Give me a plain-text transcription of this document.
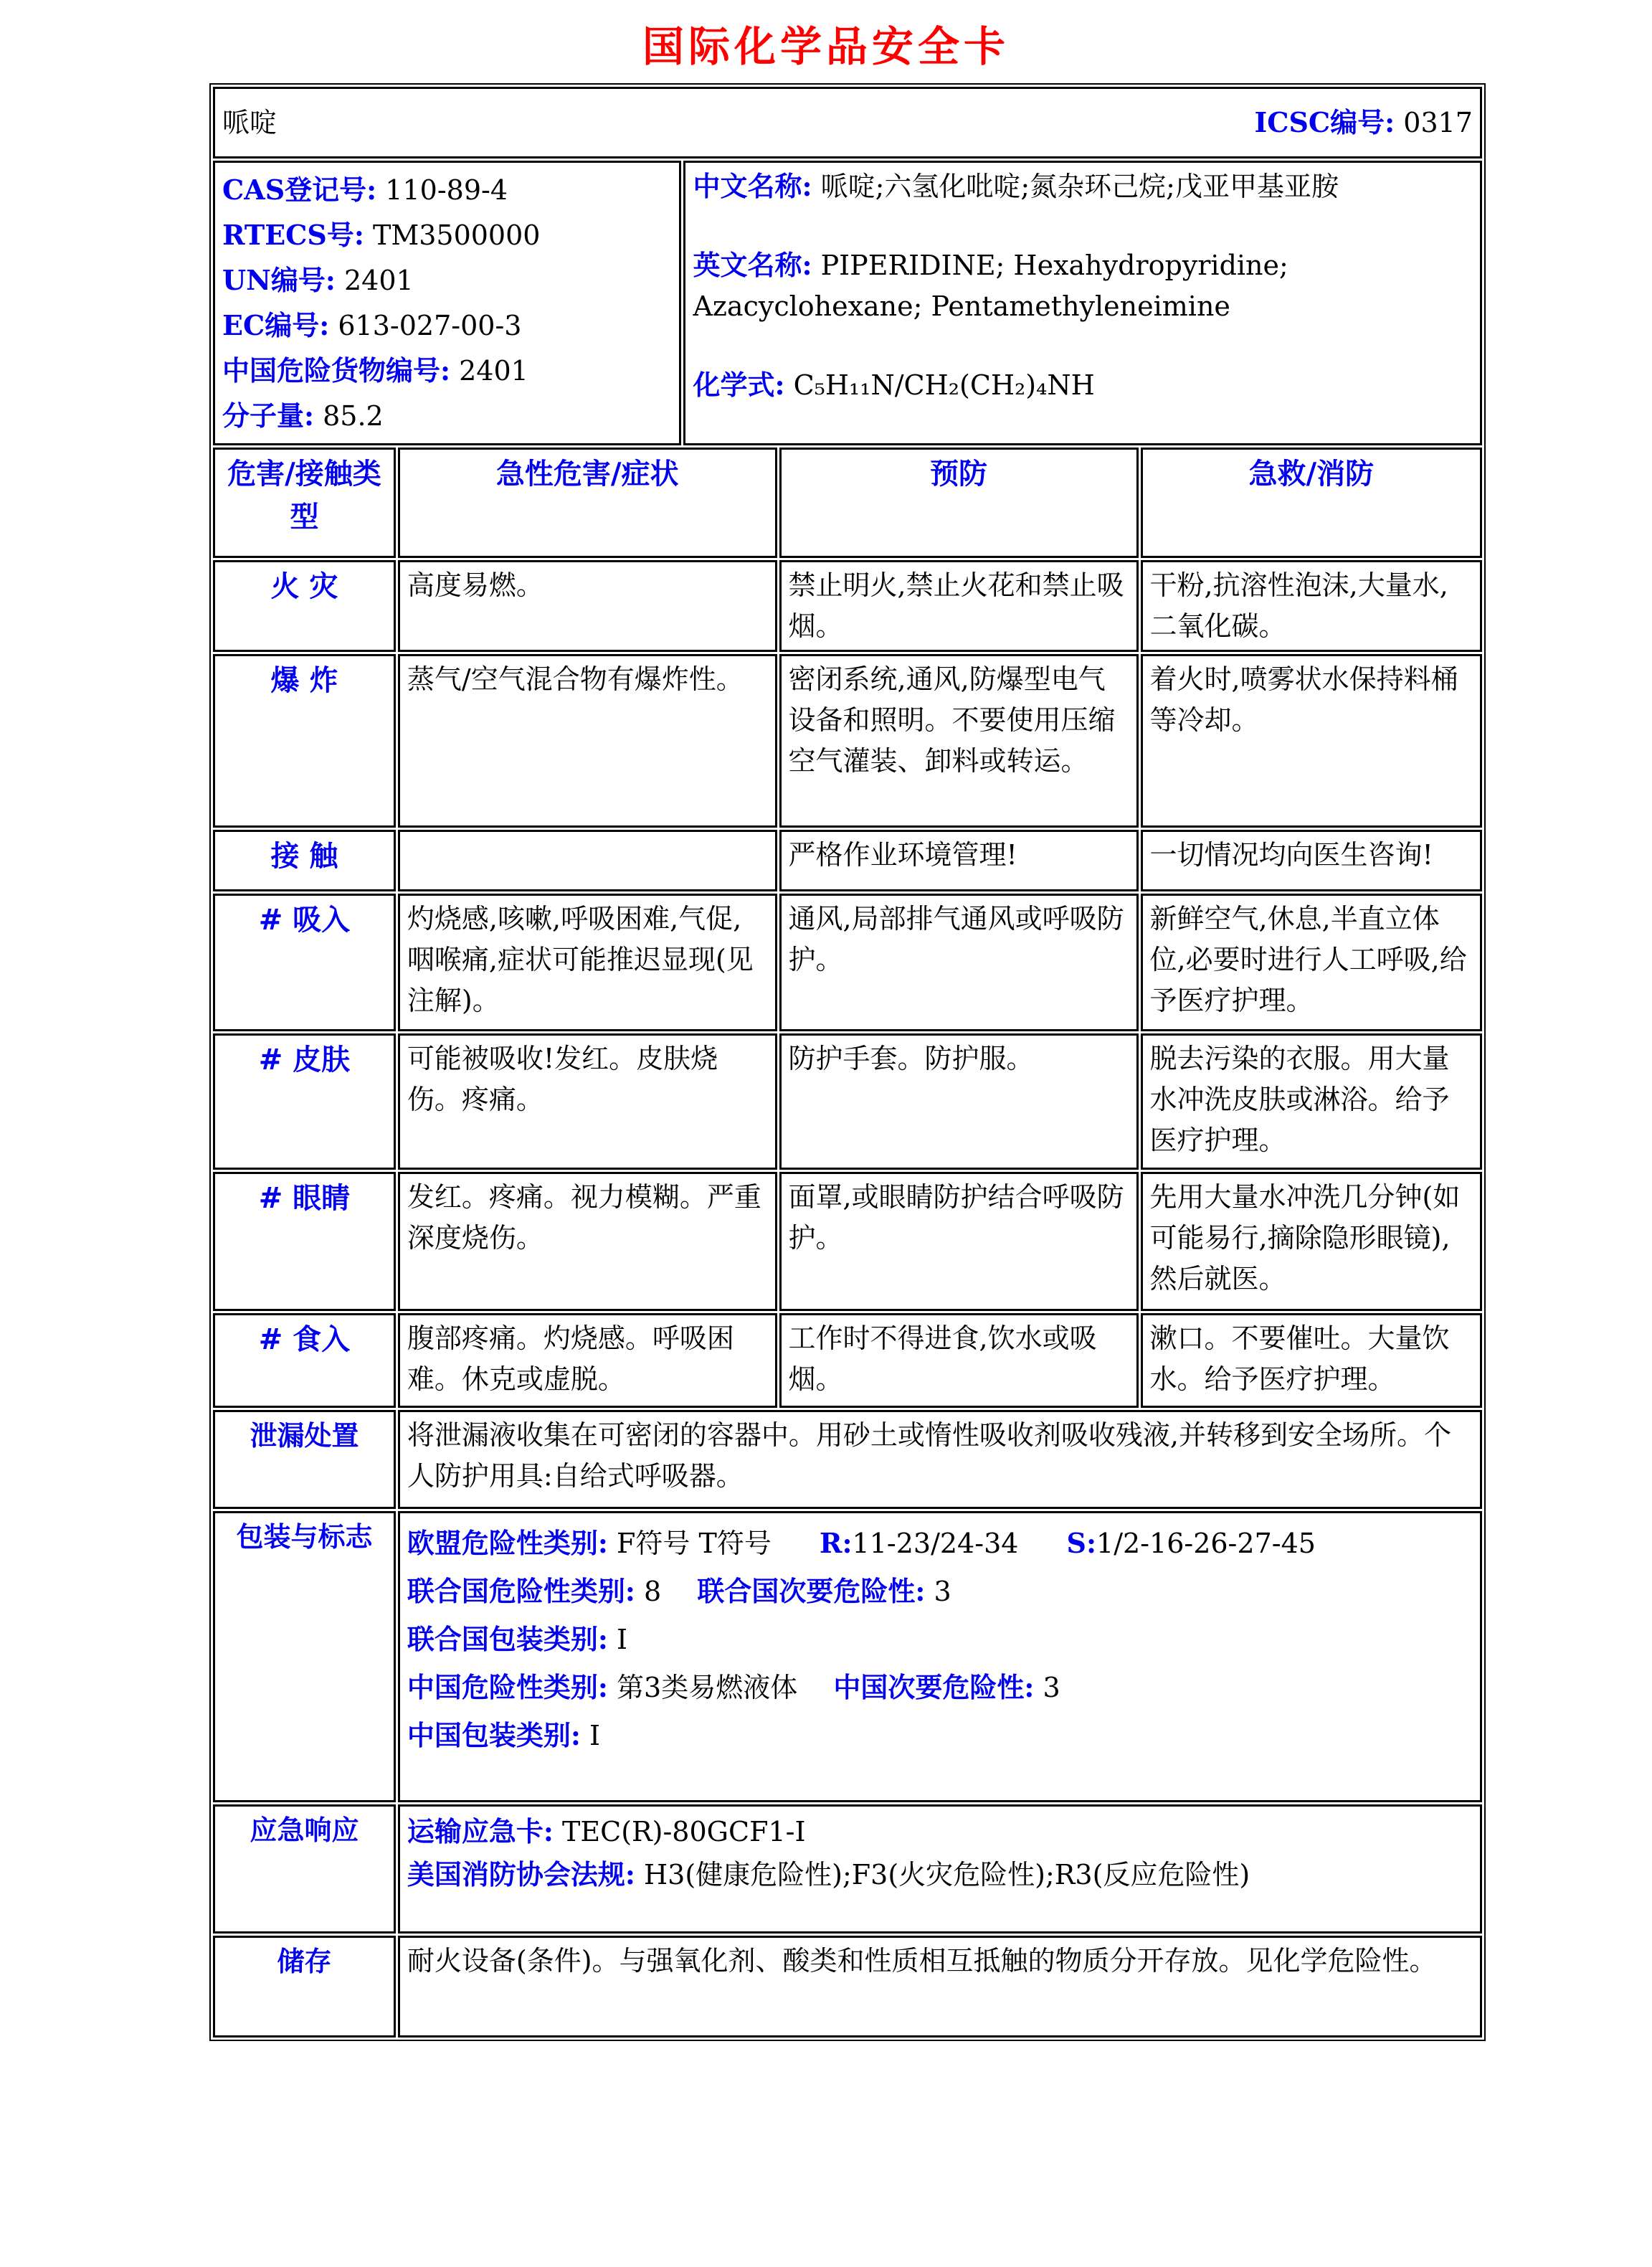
国际化学品安全卡
哌啶 ICSC编号: 0317				

CAS登记号: 110-89-4

RTECS号: TM3500000

UN编号: 2401

EC编号: 613-027-00-3

中国危险货物编号: 2401

分子量: 85.2

中文名称: 哌啶;六氢化吡啶;氮杂环己烷;戊亚甲基亚胺

英文名称: PIPERIDINE; Hexahydropyridine; Azacyclohexane; Pentamethyleneimine

化学式: C₅H₁₁N/CH₂(CH₂)₄NH

危害/接触类型	急性危害/症状		预防	急救/消防
火 灾	高度易燃。		禁止明火,禁止火花和禁止吸烟。	干粉,抗溶性泡沫,大量水,二氧化碳。
爆 炸	蒸气/空气混合物有爆炸性。		密闭系统,通风,防爆型电气设备和照明。不要使用压缩空气灌装、卸料或转运。	着火时,喷雾状水保持料桶等冷却。
接 触			严格作业环境管理!	一切情况均向医生咨询!
# 吸入	灼烧感,咳嗽,呼吸困难,气促,咽喉痛,症状可能推迟显现(见注解)。		通风,局部排气通风或呼吸防护。	新鲜空气,休息,半直立体位,必要时进行人工呼吸,给予医疗护理。
# 皮肤	可能被吸收!发红。皮肤烧伤。疼痛。		防护手套。防护服。	脱去污染的衣服。用大量水冲洗皮肤或淋浴。给予医疗护理。
# 眼睛	发红。疼痛。视力模糊。严重深度烧伤。		面罩,或眼睛防护结合呼吸防护。	先用大量水冲洗几分钟(如可能易行,摘除隐形眼镜),然后就医。
# 食入	腹部疼痛。灼烧感。呼吸困难。休克或虚脱。		工作时不得进食,饮水或吸烟。	漱口。不要催吐。大量饮水。给予医疗护理。
泄漏处置	将泄漏液收集在可密闭的容器中。用砂土或惰性吸收剂吸收残液,并转移到安全场所。个人防护用具:自给式呼吸器。			
包装与标志	欧盟危险性类别: F符号 T符号 R:11-23/24-34 S:1/2-16-26-27-45

联合国危险性类别: 8 联合国次要危险性: 3

联合国包装类别: I

中国危险性类别: 第3类易燃液体 中国次要危险性: 3

中国包装类别: I			

应急响应	运输应急卡: TEC(R)-80GCF1-I

美国消防协会法规: H3(健康危险性);F3(火灾危险性);R3(反应危险性)			

储存	耐火设备(条件)。与强氧化剂、酸类和性质相互抵触的物质分开存放。见化学危险性。			
